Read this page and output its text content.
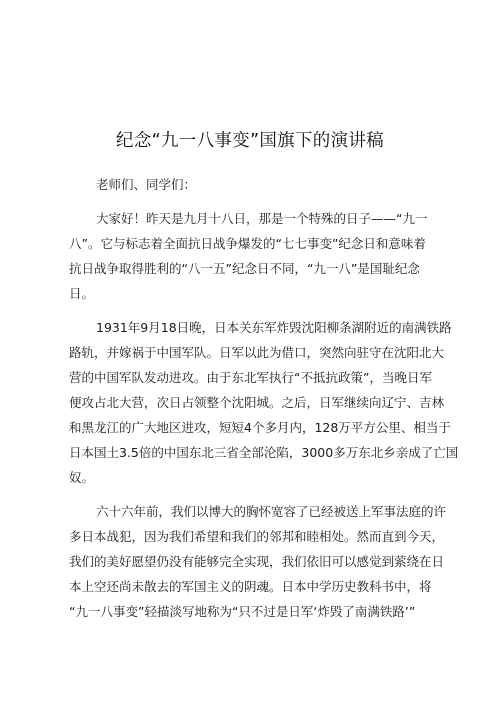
纪念“九一八事变”国旗下的演讲稿
老师们、同学们：
大家好！昨天是九月十八日，那是一个特殊的日子——“九一
八”。它与标志着全面抗日战争爆发的“七七事变”纪念日和意味着
抗日战争取得胜利的“八一五”纪念日不同，“九一八”是国耻纪念
日。
1931年9月18日晚，日本关东军炸毁沈阳柳条湖附近的南满铁路
路轨，并嫁祸于中国军队。日军以此为借口，突然向驻守在沈阳北大
营的中国军队发动进攻。由于东北军执行“不抵抗政策”，当晚日军
便攻占北大营，次日占领整个沈阳城。之后，日军继续向辽宁、吉林
和黑龙江的广大地区进攻，短短4个多月内，128万平方公里、相当于
日本国土3.5倍的中国东北三省全部沦陷，3000多万东北乡亲成了亡国
奴。
六十六年前，我们以博大的胸怀宽容了已经被送上军事法庭的许
多日本战犯，因为我们希望和我们的邻邦和睦相处。然而直到今天，
我们的美好愿望仍没有能够完全实现，我们依旧可以感觉到萦绕在日
本上空还尚未散去的军国主义的阴魂。日本中学历史教科书中，将
“九一八事变”轻描淡写地称为“只不过是日军‘炸毁了南满铁路’”
